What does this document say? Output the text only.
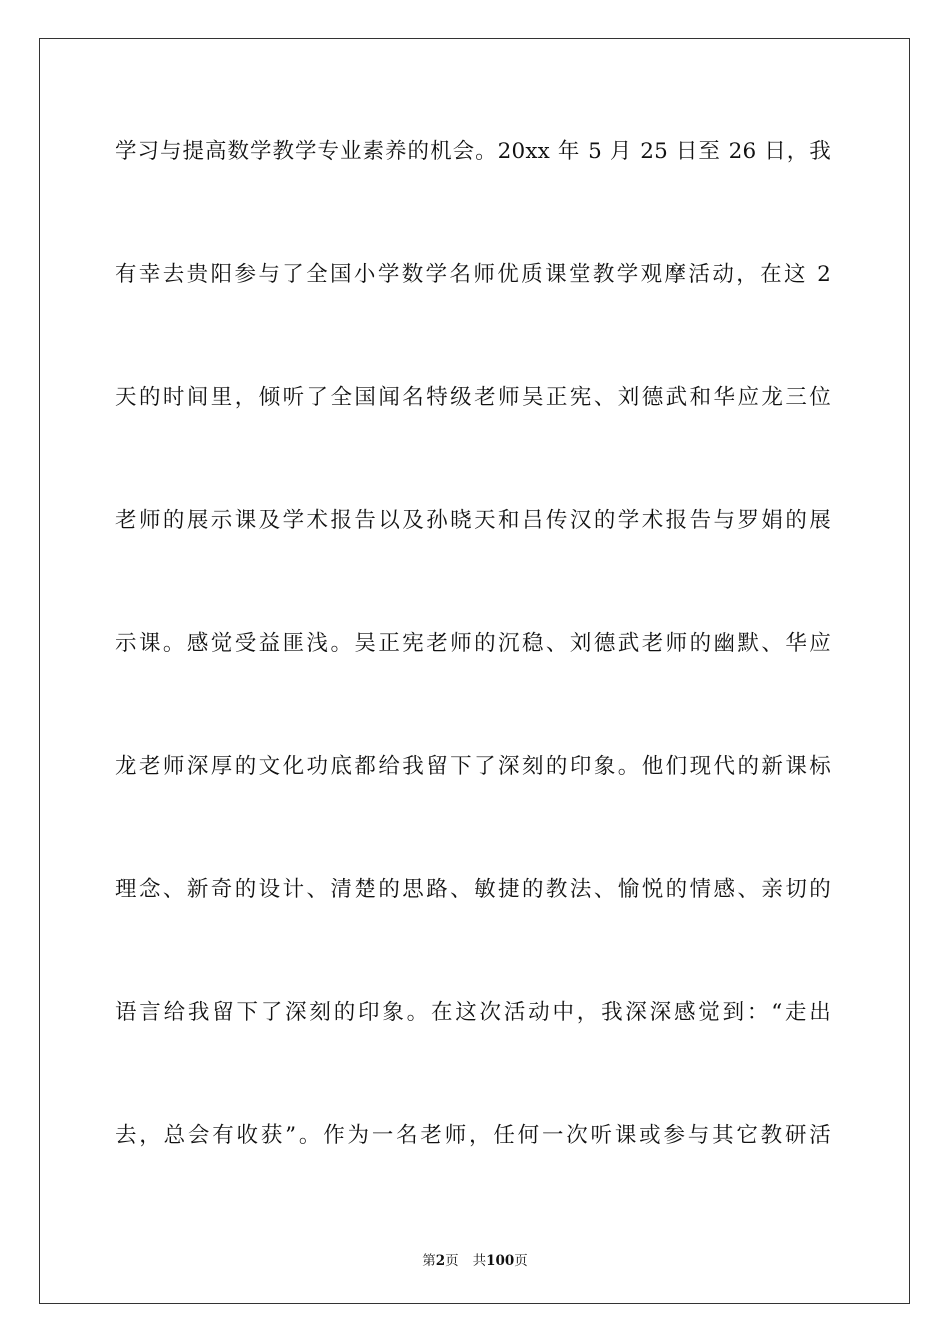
学习与提高数学教学专业素养的机会。20xx 年 5 月 25 日至 26 日，我
有幸去贵阳参与了全国小学数学名师优质课堂教学观摩活动，在这 2
天的时间里，倾听了全国闻名特级老师吴正宪、刘德武和华应龙三位
老师的展示课及学术报告以及孙晓天和吕传汉的学术报告与罗娟的展
示课。感觉受益匪浅。吴正宪老师的沉稳、刘德武老师的幽默、华应
龙老师深厚的文化功底都给我留下了深刻的印象。他们现代的新课标
理念、新奇的设计、清楚的思路、敏捷的教法、愉悦的情感、亲切的
语言给我留下了深刻的印象。在这次活动中，我深深感觉到：“走出
去，总会有收获”。作为一名老师，任何一次听课或参与其它教研活
第2页 共100页
